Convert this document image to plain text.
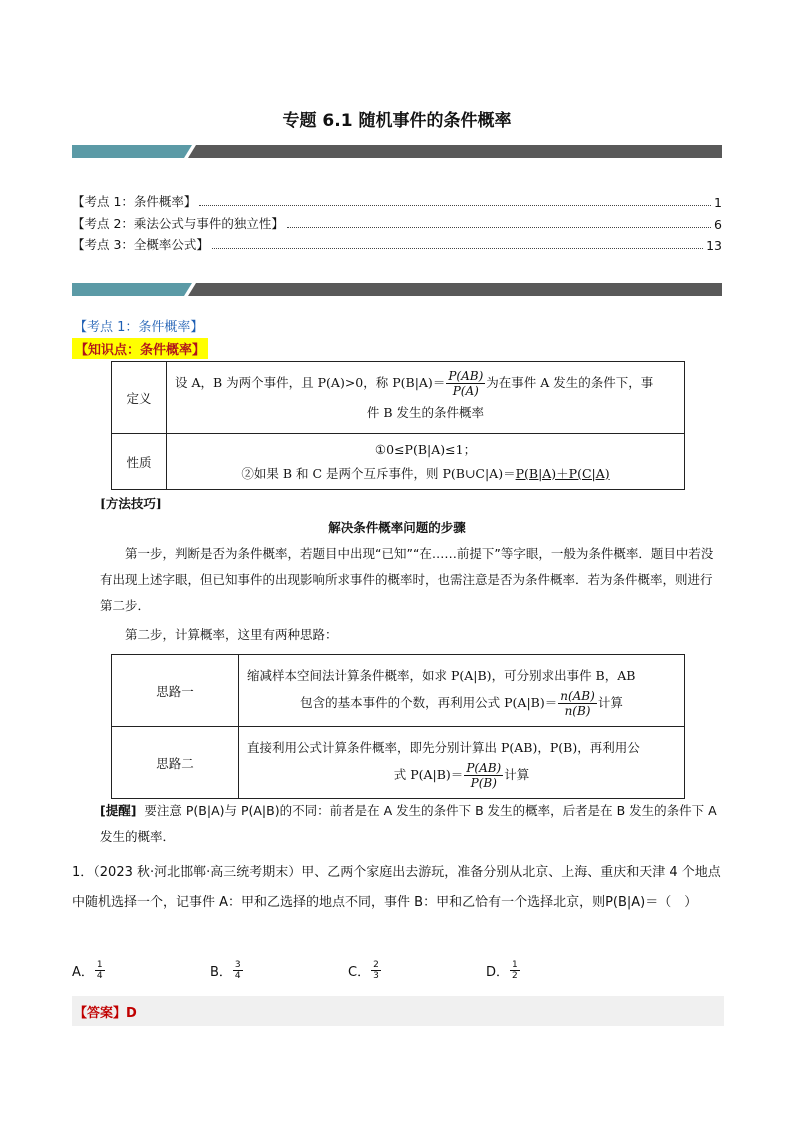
专题 6.1 随机事件的条件概率
【考点 1：条件概率】	1
【考点 2：乘法公式与事件的独立性】	6
【考点 3：全概率公式】	13
【考点 1：条件概率】
【知识点：条件概率】
定义	设 A，B 为两个事件，且 P(A)>0，称 $P(B|A)= \frac{P(AB)}{P(A)}$ 为在事件 A 发生的条件下，事
件 B 发生的条件概率

性质	①0≤P(B|A)≤1；
②如果 B 和 C 是两个互斥事件，则 P(B∪C|A)＝P(B|A)＋P(C|A)
[方法技巧]
解决条件概率问题的步骤
第一步，判断是否为条件概率，若题目中出现“已知”“在……前提下”等字眼，一般为条件概率．题目中若没有出现上述字眼，但已知事件的出现影响所求事件的概率时，也需注意是否为条件概率．若为条件概率，则进行第二步．
第二步，计算概率，这里有两种思路：
思路一	缩减样本空间法计算条件概率，如求 P(A|B)，可分别求出事件 B，AB
包含的基本事件的个数，再利用公式 $P(A|B)= \frac{n(AB)}{n(B)}$ 计算

思路二	直接利用公式计算条件概率，即先分别计算出 P(AB)，P(B)，再利用公
式 $P(A|B)= \frac{P(AB)}{P(B)}$ 计算
[提醒] 要注意 P(B|A)与 P(A|B)的不同：前者是在 A 发生的条件下 B 发生的概率，后者是在 B 发生的条件下 A 发生的概率．
1．（2023 秋·河北邯郸·高三统考期末）甲、乙两个家庭出去游玩，准备分别从北京、上海、重庆和天津 4 个地点中随机选择一个，记事件 A：甲和乙选择的地点不同，事件 B：甲和乙恰有一个选择北京，则P(B|A)＝（　）
A． $\frac{1}{4}$	B． $\frac{3}{4}$	C． $\frac{2}{3}$	D． $\frac{1}{2}$
【答案】D
